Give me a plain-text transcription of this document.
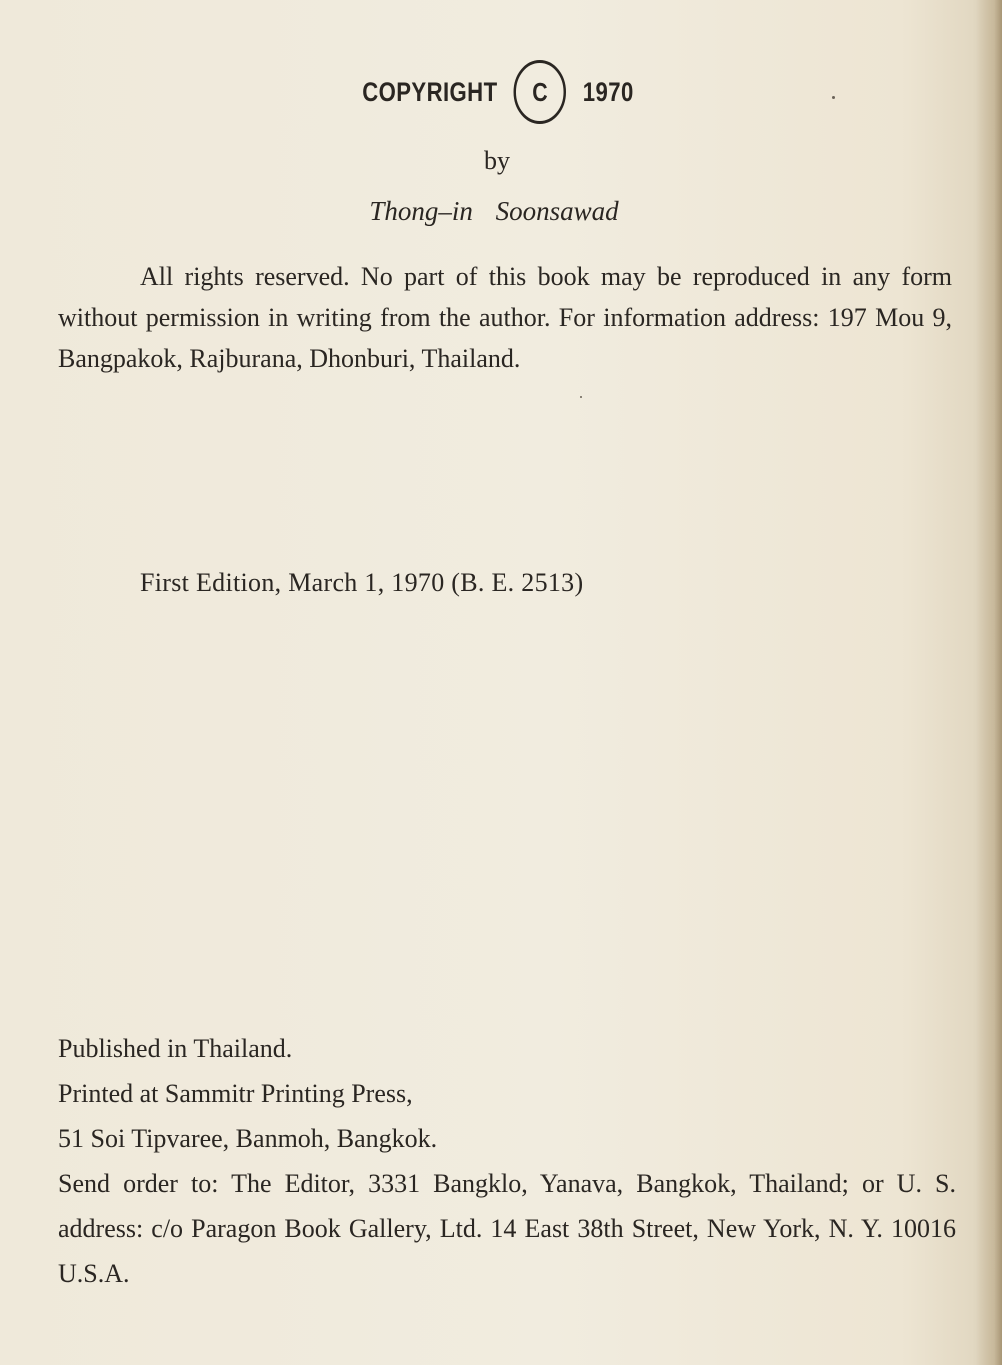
COPYRIGHT C 1970
by
Thong–in Soonsawad
All rights reserved. No part of this book may be reproduced in any form without permission in writing from the author. For information address: 197 Mou 9, Bangpakok, Rajburana, Dhonburi, Thailand.
First Edition, March 1, 1970 (B. E. 2513)
Published in Thailand.
Printed at Sammitr Printing Press,
51 Soi Tipvaree, Banmoh, Bangkok.
Send order to: The Editor, 3331 Bangklo, Yanava, Bangkok, Thailand; or U. S. address: c/o Paragon Book Gallery, Ltd. 14 East 38th Street, New York, N. Y. 10016 U.S.A.
